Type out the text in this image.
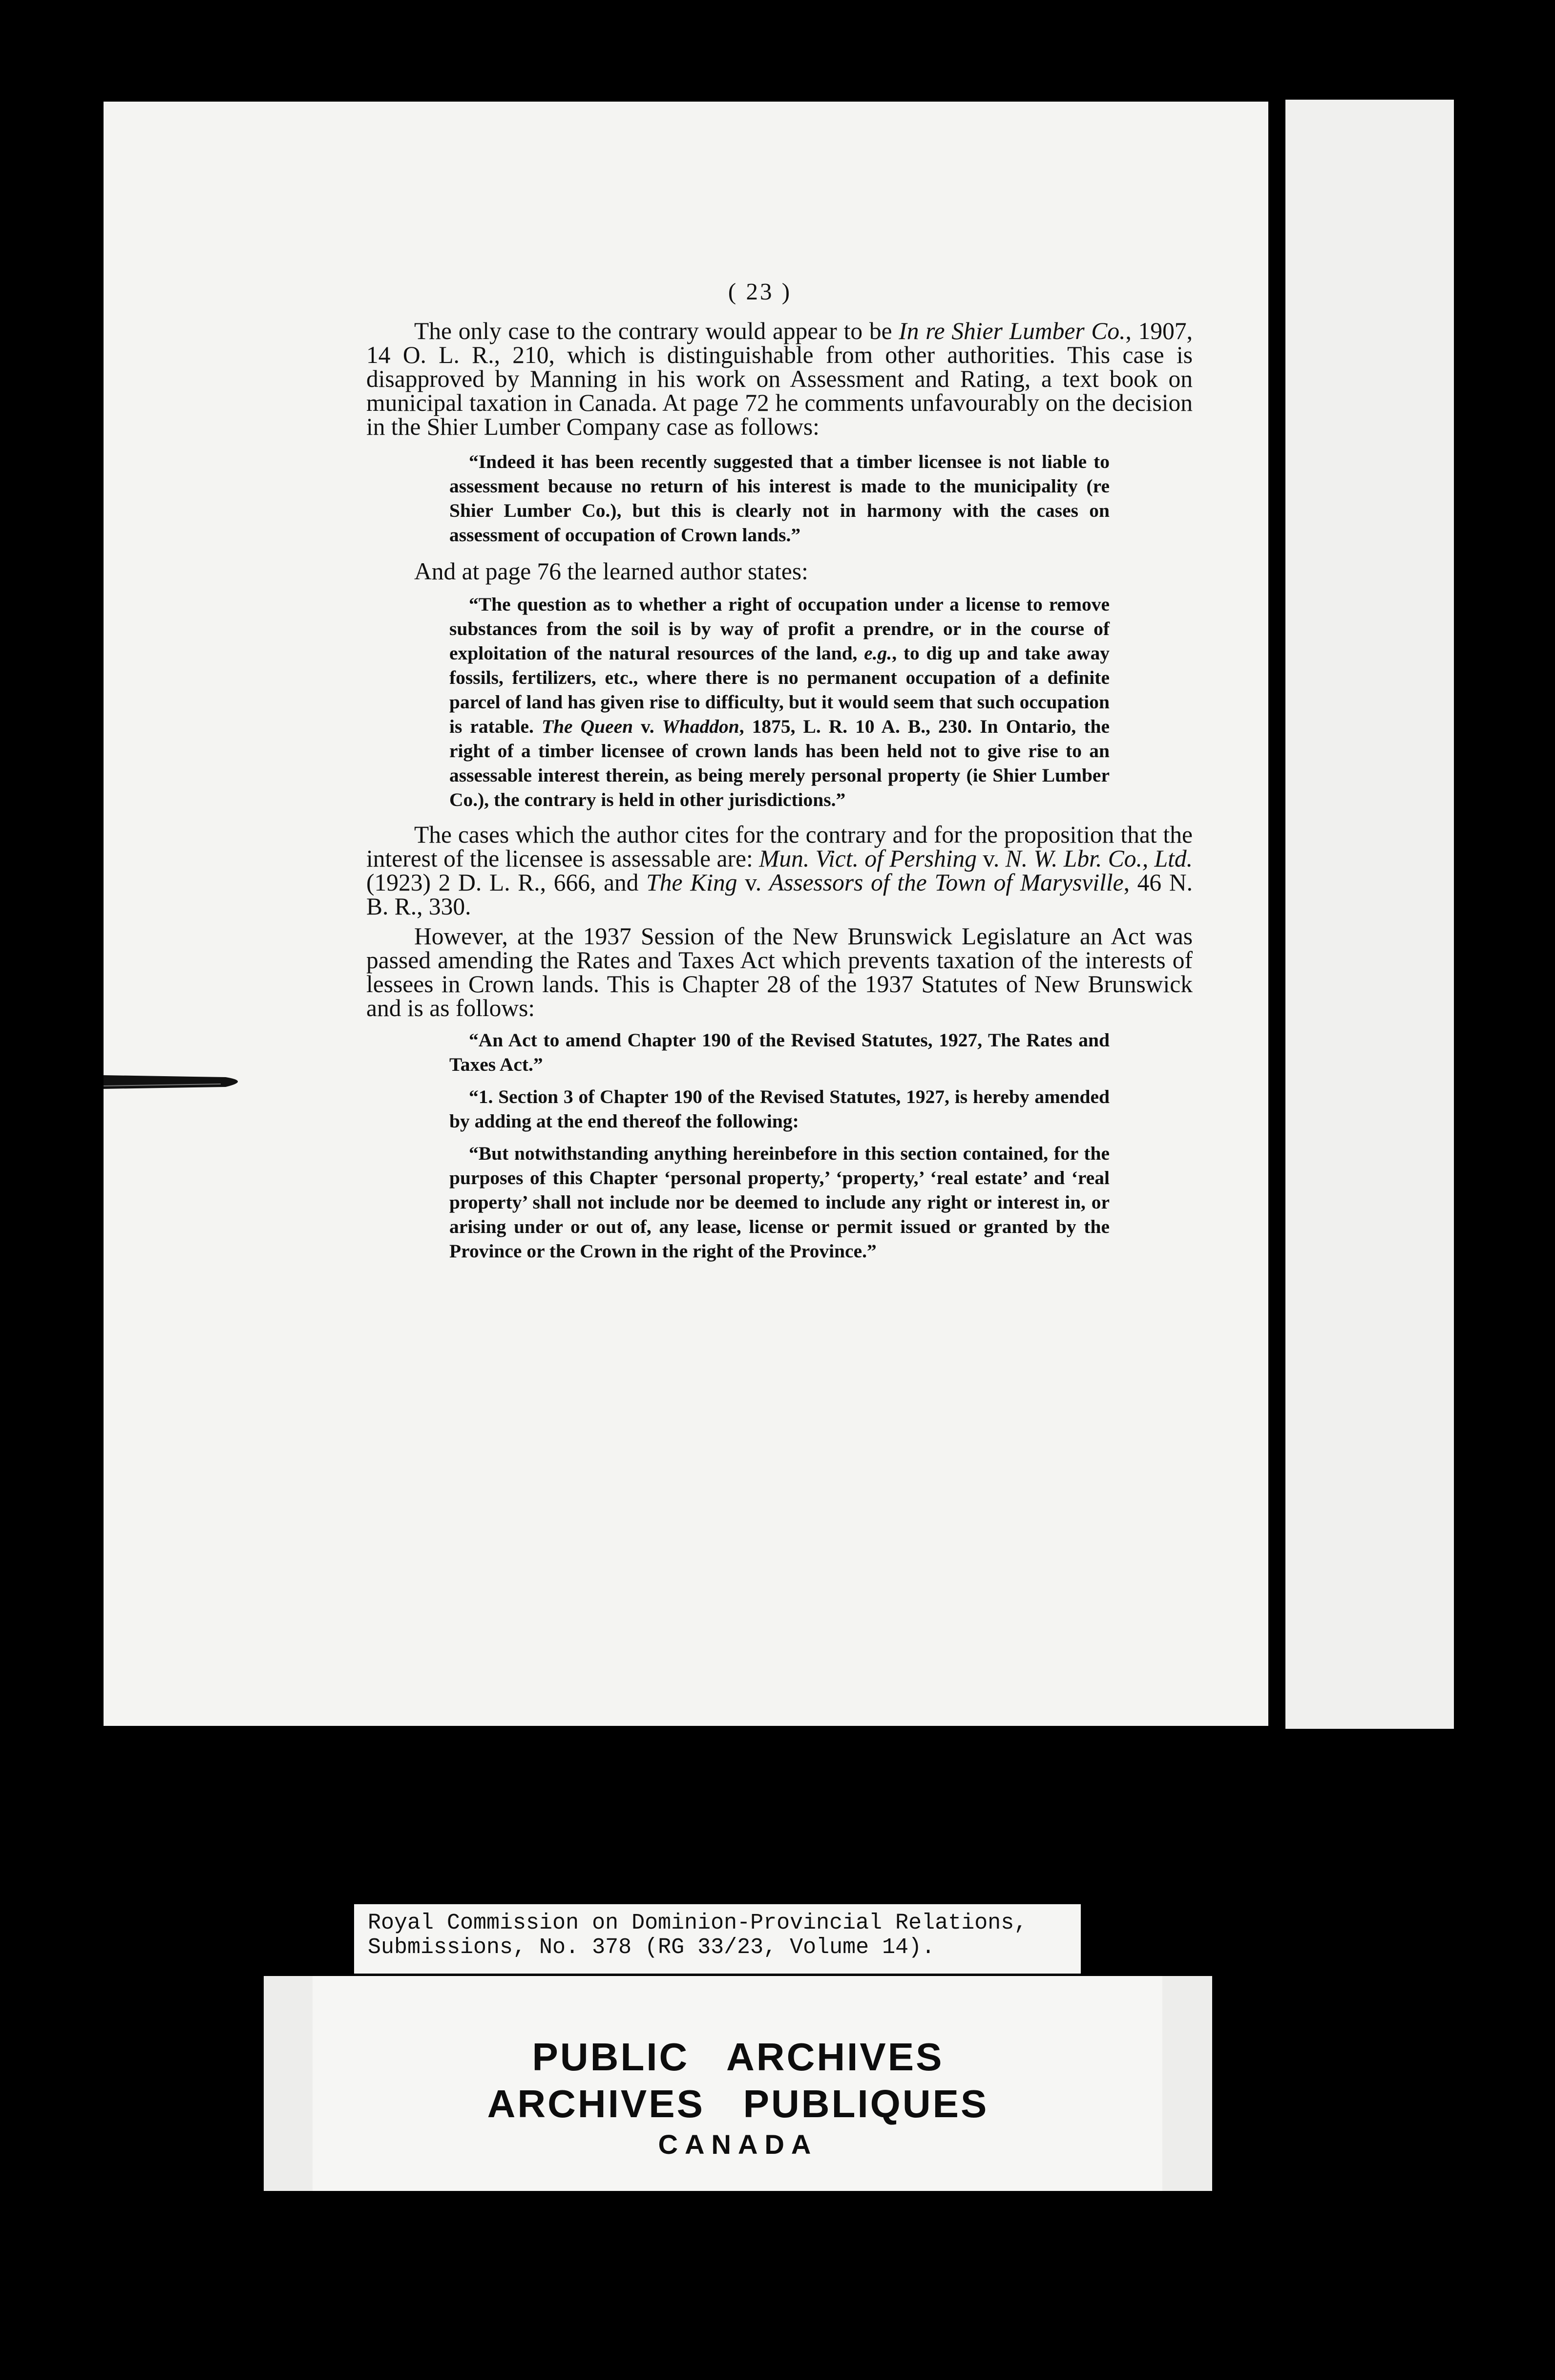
( 23 )

The only case to the contrary would appear to be In re Shier Lumber Co., 1907, 14 O. L. R., 210, which is distinguishable from other authorities. This case is disapproved by Manning in his work on Assessment and Rating, a text book on municipal taxation in Canada. At page 72 he comments unfavourably on the decision in the Shier Lumber Company case as follows:

“Indeed it has been recently suggested that a timber licensee is not liable to assessment because no return of his interest is made to the municipality (re Shier Lumber Co.), but this is clearly not in harmony with the cases on assessment of occupation of Crown lands.”

And at page 76 the learned author states:

“The question as to whether a right of occupation under a license to remove substances from the soil is by way of profit a prendre, or in the course of exploitation of the natural resources of the land, e.g., to dig up and take away fossils, fertilizers, etc., where there is no permanent occupation of a definite parcel of land has given rise to difficulty, but it would seem that such occupation is ratable. The Queen v. Whaddon, 1875, L. R. 10 A. B., 230. In Ontario, the right of a timber licensee of crown lands has been held not to give rise to an assessable interest therein, as being merely personal property (ie Shier Lumber Co.), the contrary is held in other jurisdictions.”

The cases which the author cites for the contrary and for the proposition that the interest of the licensee is assessable are: Mun. Vict. of Pershing v. N. W. Lbr. Co., Ltd. (1923) 2 D. L. R., 666, and The King v. Assessors of the Town of Marysville, 46 N. B. R., 330.

However, at the 1937 Session of the New Brunswick Legislature an Act was passed amending the Rates and Taxes Act which prevents taxation of the interests of lessees in Crown lands. This is Chapter 28 of the 1937 Statutes of New Brunswick and is as follows:

“An Act to amend Chapter 190 of the Revised Statutes, 1927, The Rates and Taxes Act.”

“1. Section 3 of Chapter 190 of the Revised Statutes, 1927, is hereby amended by adding at the end thereof the following:

“But notwithstanding anything hereinbefore in this section contained, for the purposes of this Chapter ‘personal property,’ ‘property,’ ‘real estate’ and ‘real property’ shall not include nor be deemed to include any right or interest in, or arising under or out of, any lease, license or permit issued or granted by the Province or the Crown in the right of the Province.”

Royal Commission on Dominion-Provincial Relations,
Submissions, No. 378 (RG 33/23, Volume 14).
PUBLIC   ARCHIVES
ARCHIVES   PUBLIQUES
CANADA
